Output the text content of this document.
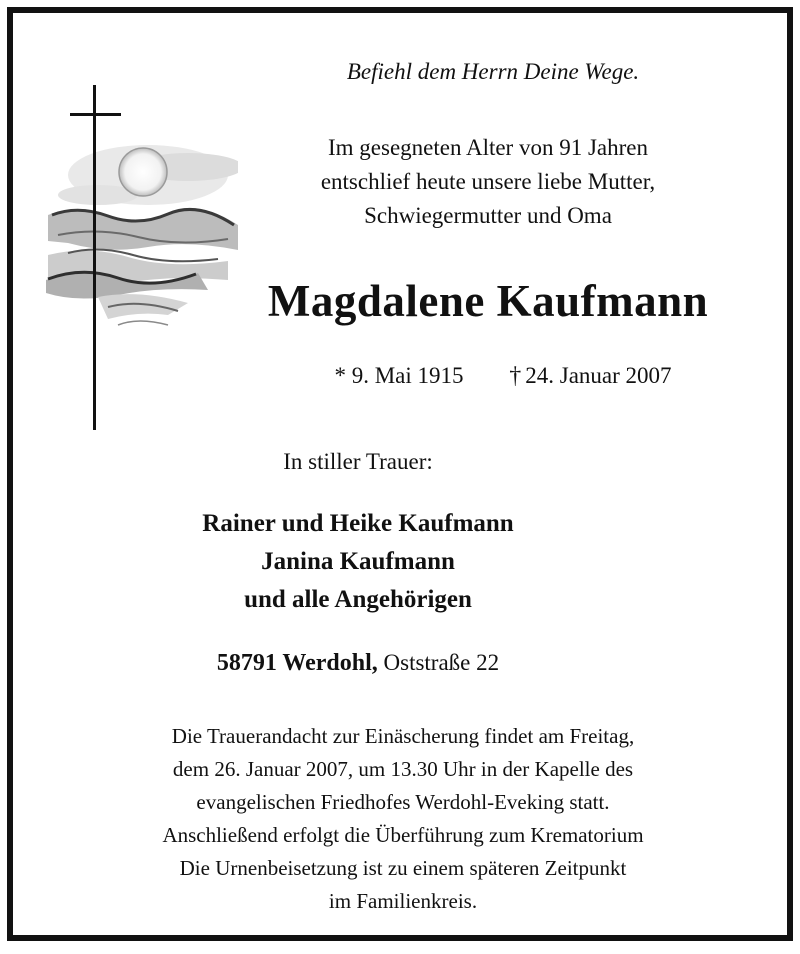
Befiehl dem Herrn Deine Wege.
Im gesegneten Alter von 91 Jahren
entschlief heute unsere liebe Mutter,
Schwiegermutter und Oma
Magdalene Kaufmann
* 9. Mai 1915 † 24. Januar 2007
In stiller Trauer:
Rainer und Heike Kaufmann
Janina Kaufmann
und alle Angehörigen
58791 Werdohl, Oststraße 22

Die Trauerandacht zur Einäscherung findet am Freitag,
dem 26. Januar 2007, um 13.30 Uhr in der Kapelle des
evangelischen Friedhofes Werdohl-Eveking statt.

Anschließend erfolgt die Überführung zum Krematorium

Die Urnenbeisetzung ist zu einem späteren Zeitpunkt
im Familienkreis.
